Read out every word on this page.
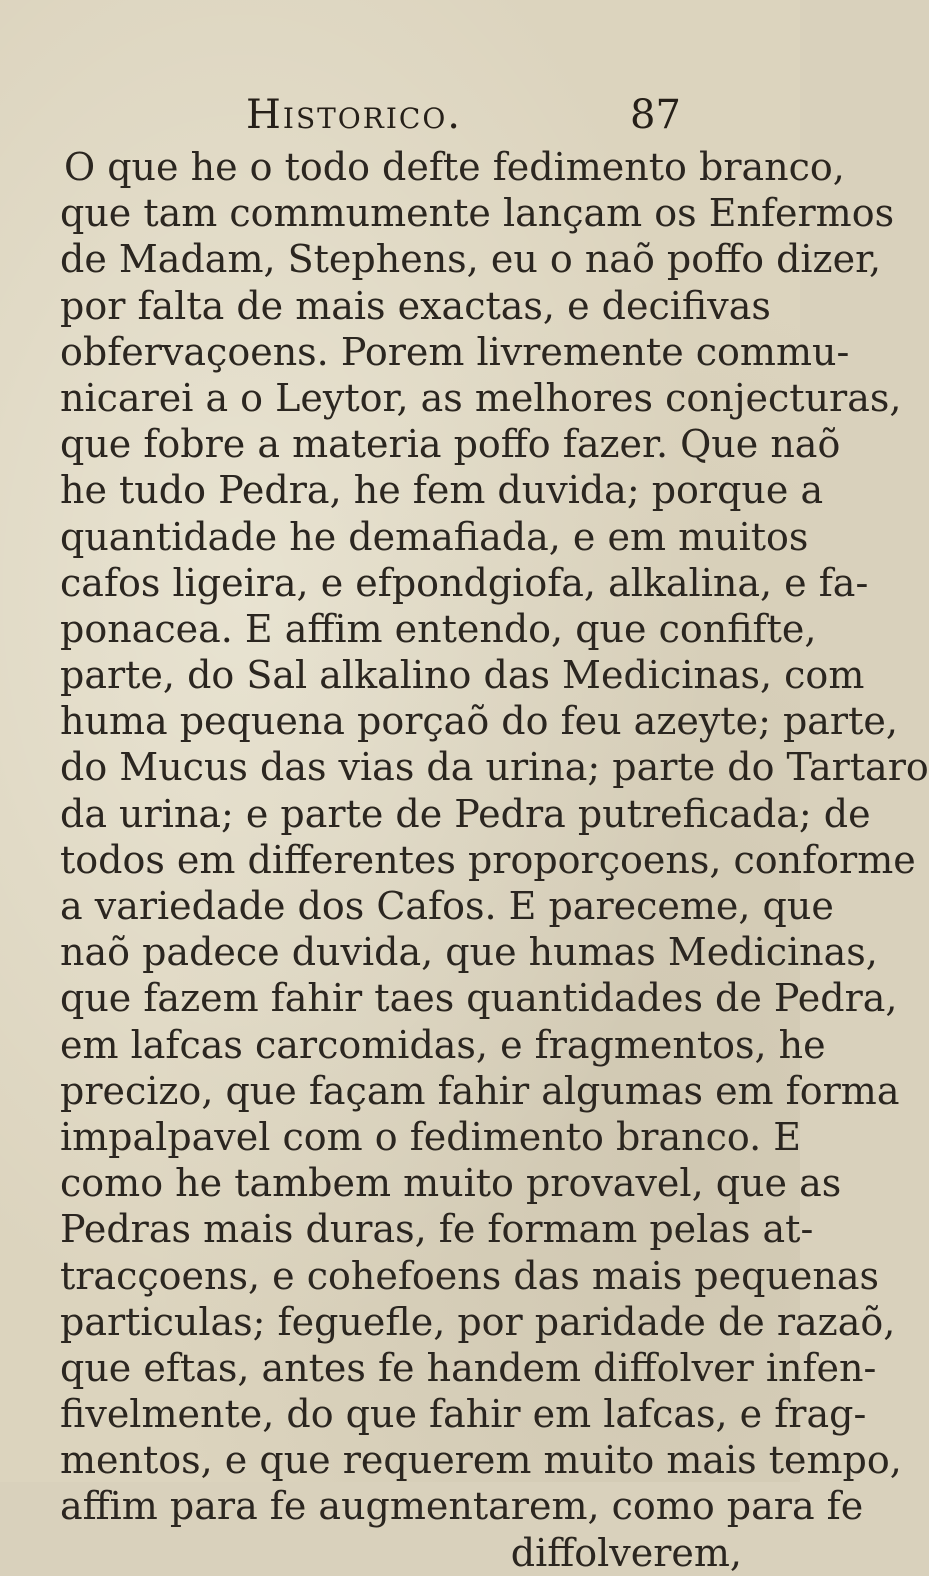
Historico.	87
O que he o todo defte fedimento branco,
que tam commumente lançam os Enfermos
de Madam, Stephens, eu o naõ poffo dizer,
por falta de mais exactas, e decifivas
obfervaçoens. Porem livremente commu-
nicarei a o Leytor, as melhores conjecturas,
que fobre a materia poffo fazer. Que naõ
he tudo Pedra, he fem duvida; porque a
quantidade he demafiada, e em muitos
cafos ligeira, e efpondgiofa, alkalina, e fa-
ponacea. E affim entendo, que confifte,
parte, do Sal alkalino das Medicinas, com
huma pequena porçaõ do feu azeyte; parte,
do Mucus das vias da urina; parte do Tartaro
da urina; e parte de Pedra putreficada; de
todos em differentes proporçoens, conforme
a variedade dos Cafos. E pareceme, que
naõ padece duvida, que humas Medicinas,
que fazem fahir taes quantidades de Pedra,
em lafcas carcomidas, e fragmentos, he
precizo, que façam fahir algumas em forma
impalpavel com o fedimento branco. E
como he tambem muito provavel, que as
Pedras mais duras, fe formam pelas at-
tracçoens, e cohefoens das mais pequenas
particulas; feguefle, por paridade de razaõ,
que eftas, antes fe handem diffolver infen-
fivelmente, do que fahir em lafcas, e frag-
mentos, e que requerem muito mais tempo,
affim para fe augmentarem, como para fe
diffolverem,
